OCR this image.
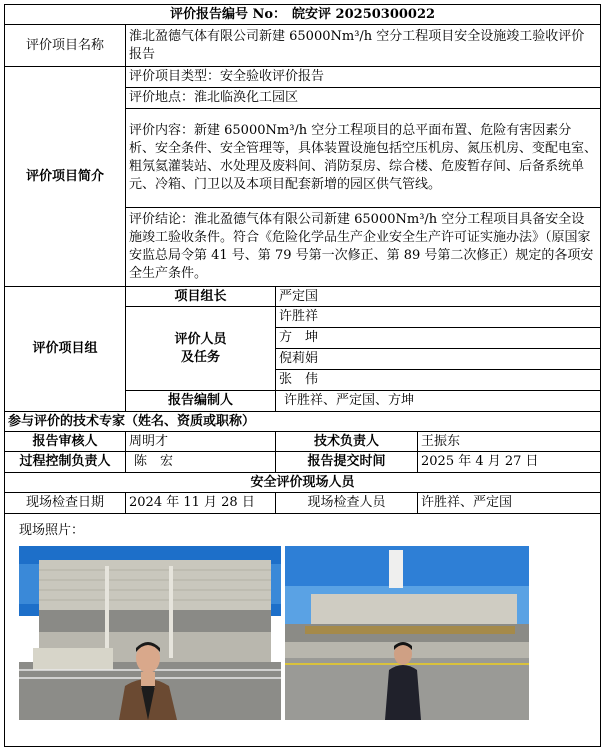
评价报告编号 No： 皖安评 20250300022			
评价项目名称	淮北盈德气体有限公司新建 65000Nm³/h 空分工程项目安全设施竣工验收评价报告		
评价项目简介	评价项目类型：安全验收评价报告		
	评价地点：淮北临涣化工园区		
	评价内容：新建 65000Nm³/h 空分工程项目的总平面布置、危险有害因素分析、安全条件、安全管理等，具体装置设施包括空压机房、氮压机房、变配电室、粗氖氦灌装站、水处理及废料间、消防泵房、综合楼、危废暂存间、后备系统单元、冷箱、门卫以及本项目配套新增的园区供气管线。		
	评价结论：淮北盈德气体有限公司新建 65000Nm³/h 空分工程项目具备安全设施竣工验收条件。符合《危险化学品生产企业安全生产许可证实施办法》（原国家安监总局令第 41 号、第 79 号第一次修正、第 89 号第二次修正）规定的各项安全生产条件。		
评价项目组	项目组长	严定国	

	评价人员
及任务	许胜祥	
		方　坤	
		倪莉娟	
		张　伟	
	报告编制人	许胜祥、严定国、方坤	
参与评价的技术专家（姓名、资质或职称）			
报告审核人	周明才	技术负责人	王振东
过程控制负责人	陈　宏	报告提交时间	2025 年 4 月 27 日
安全评价现场人员			
现场检查日期	2024 年 11 月 28 日	现场检查人员	许胜祥、严定国

现场照片：			
